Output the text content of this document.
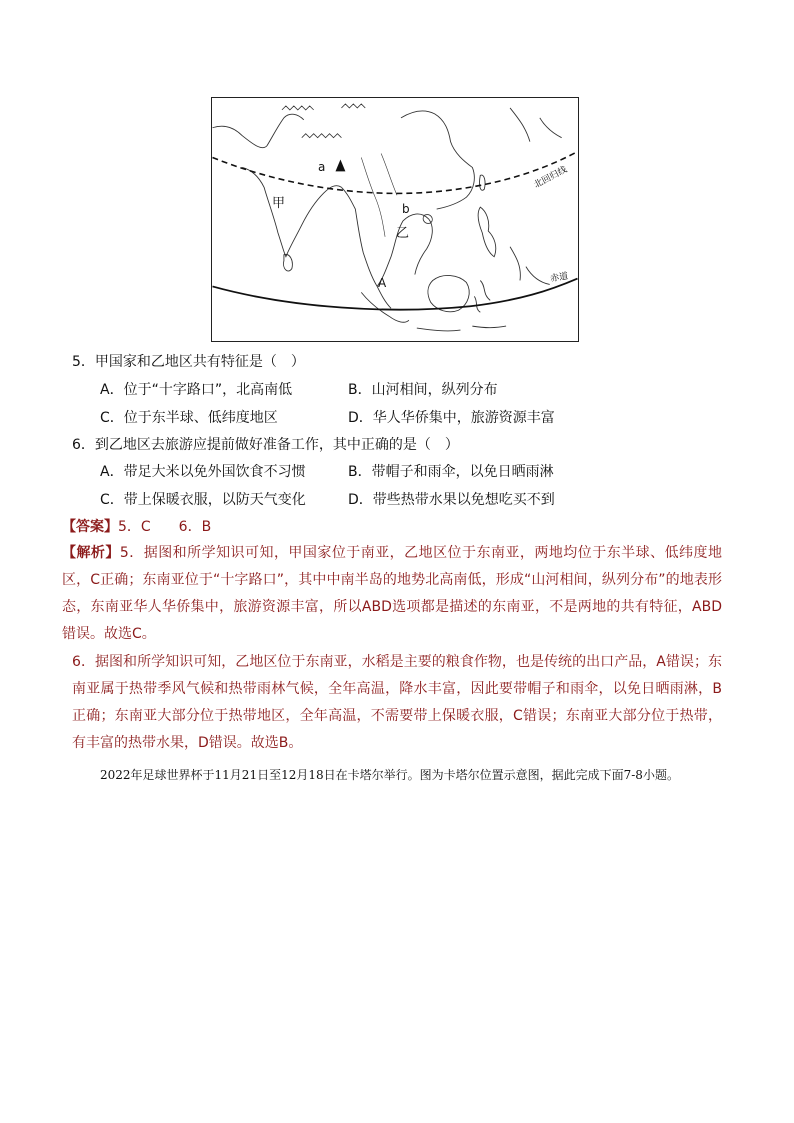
甲
乙
a
b
A
北回归线
赤道
5．甲国家和乙地区共有特征是（　）
A．位于“十字路口”，北高南低	B．山河相间，纵列分布
C．位于东半球、低纬度地区	D．华人华侨集中，旅游资源丰富
6．到乙地区去旅游应提前做好准备工作，其中正确的是（　）
A．带足大米以免外国饮食不习惯	B．带帽子和雨伞，以免日晒雨淋
C．带上保暖衣服，以防天气变化	D．带些热带水果以免想吃买不到
【答案】5．C　　6．B
【解析】5．据图和所学知识可知，甲国家位于南亚，乙地区位于东南亚，两地均位于东半球、低纬度地区，C正确；东南亚位于“十字路口”，其中中南半岛的地势北高南低，形成“山河相间，纵列分布”的地表形态，东南亚华人华侨集中，旅游资源丰富，所以ABD选项都是描述的东南亚，不是两地的共有特征，ABD错误。故选C。
6．据图和所学知识可知，乙地区位于东南亚，水稻是主要的粮食作物，也是传统的出口产品，A错误；东南亚属于热带季风气候和热带雨林气候，全年高温，降水丰富，因此要带帽子和雨伞，以免日晒雨淋，B正确；东南亚大部分位于热带地区，全年高温，不需要带上保暖衣服，C错误；东南亚大部分位于热带，有丰富的热带水果，D错误。故选B。
2022年足球世界杯于11月21日至12月18日在卡塔尔举行。图为卡塔尔位置示意图，据此完成下面7-8小题。
